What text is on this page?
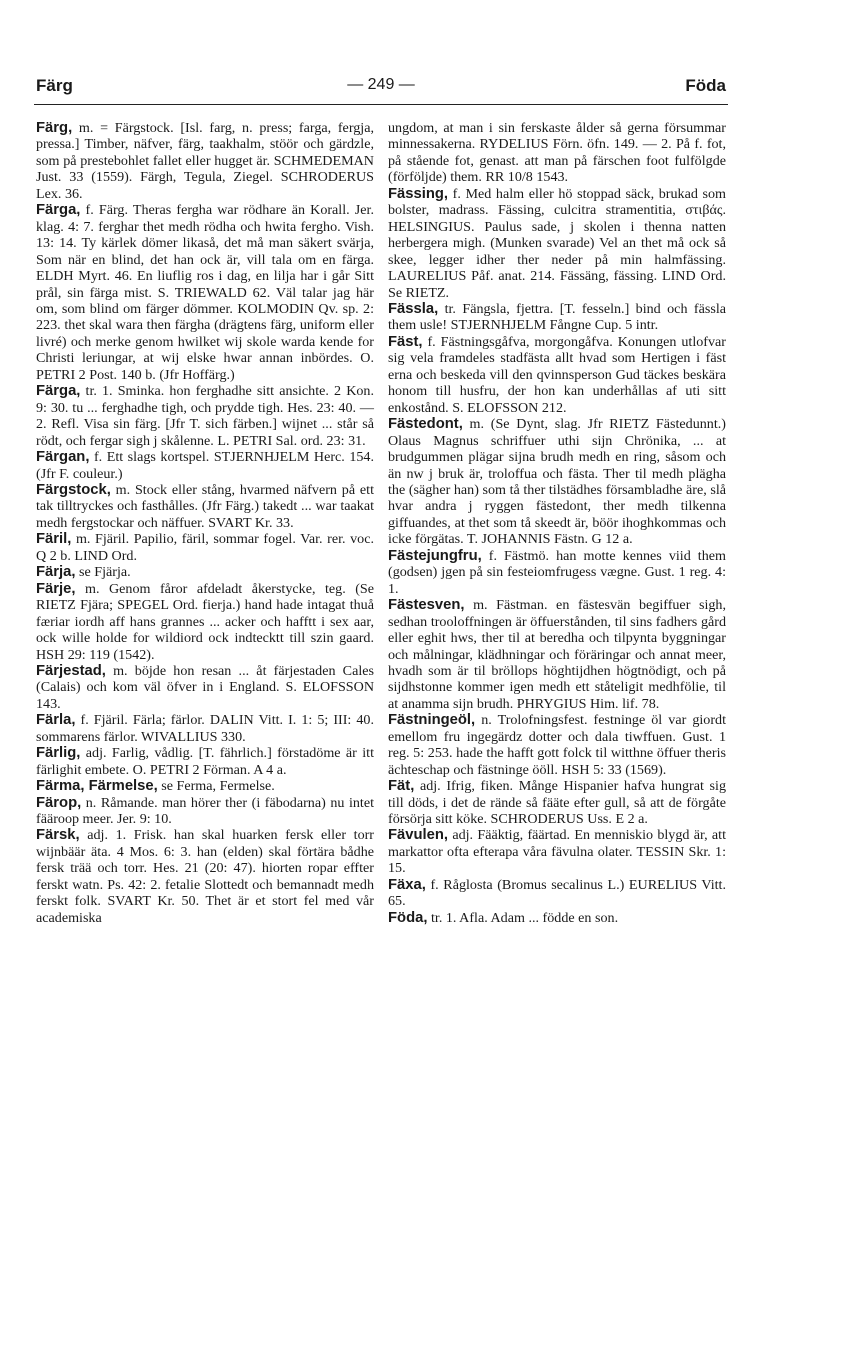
Färg	— 249 —	Föda

Färg, m. = Färgstock. [Isl. farg, n. press; farga, fergja, pressa.] Timber, näfver, färg, taakhalm, stöör och gärdzle, som på prestebohlet fallet eller hugget är. SCHMEDEMAN Just. 33 (1559). Färgh, Tegula, Ziegel. SCHRODERUS Lex. 36.

Färga, f. Färg. Theras fergha war rödhare än Korall. Jer. klag. 4: 7. ferghar thet medh rödha och hwita fergho. Vish. 13: 14. Ty kärlek dömer likaså, det må man säkert svärja, Som när en blind, det han ock är, vill tala om en färga. ELDH Myrt. 46. En liuflig ros i dag, en lilja har i går Sitt prål, sin färga mist. S. TRIEWALD 62. Väl talar jag här om, som blind om färger dömmer. KOLMODIN Qv. sp. 2: 223. thet skal wara then färgha (drägtens färg, uniform eller livré) och merke genom hwilket wij skole warda kende for Christi leriungar, at wij elske hwar annan inbördes. O. PETRI 2 Post. 140 b. (Jfr Hoffärg.)

Färga, tr. 1. Sminka. hon ferghadhe sitt ansichte. 2 Kon. 9: 30. tu ... ferghadhe tigh, och prydde tigh. Hes. 23: 40. — 2. Refl. Visa sin färg. [Jfr T. sich färben.] wijnet ... står så rödt, och fergar sigh j skålenne. L. PETRI Sal. ord. 23: 31.

Färgan, f. Ett slags kortspel. STJERNHJELM Herc. 154. (Jfr F. couleur.)

Färgstock, m. Stock eller stång, hvarmed näfvern på ett tak tilltryckes och fasthålles. (Jfr Färg.) takedt ... war taakat medh fergstockar och näffuer. SVART Kr. 33.

Färil, m. Fjäril. Papilio, färil, sommar fogel. Var. rer. voc. Q 2 b. LIND Ord.

Färja, se Fjärja.

Färje, m. Genom fåror afdeladt åkerstycke, teg. (Se RIETZ Fjära; SPEGEL Ord. fierja.) hand hade intagat thuå færiar iordh aff hans grannes ... acker och hafftt i sex aar, ock wille holde for wildiord ock indtecktt till szin gaard. HSH 29: 119 (1542).

Färjestad, m. böjde hon resan ... åt färjestaden Cales (Calais) och kom väl öfver in i England. S. ELOFSSON 143.

Färla, f. Fjäril. Färla; färlor. DALIN Vitt. I. 1: 5; III: 40. sommarens färlor. WIVALLIUS 330.

Färlig, adj. Farlig, vådlig. [T. fährlich.] förstadöme är itt färlighit embete. O. PETRI 2 Förman. A 4 a.

Färma, Färmelse, se Ferma, Fermelse.

Färop, n. Råmande. man hörer ther (i fäbodarna) nu intet fääroop meer. Jer. 9: 10.

Färsk, adj. 1. Frisk. han skal huarken fersk eller torr wijnbäär äta. 4 Mos. 6: 3. han (elden) skal förtära bådhe fersk trää och torr. Hes. 21 (20: 47). hiorten ropar effter ferskt watn. Ps. 42: 2. fetalie Slottedt och bemannadt medh ferskt folk. SVART Kr. 50. Thet är et stort fel med vår academiska

ungdom, at man i sin ferskaste ålder så gerna försummar minnessakerna. RYDELIUS Förn. öfn. 149. — 2. På f. fot, på stående fot, genast. att man på färschen foot fulfölgde (förföljde) them. RR 10/8 1543.

Fässing, f. Med halm eller hö stoppad säck, brukad som bolster, madrass. Fässing, culcitra stramentitia, στιβάς. HELSINGIUS. Paulus sade, j skolen i thenna natten herbergera migh. (Munken svarade) Vel an thet må ock så skee, legger idher ther neder på min halmfässing. LAURELIUS Påf. anat. 214. Fässäng, fässing. LIND Ord. Se RIETZ.

Fässla, tr. Fängsla, fjettra. [T. fesseln.] bind och fässla them usle! STJERNHJELM Fångne Cup. 5 intr.

Fäst, f. Fästningsgåfva, morgongåfva. Konungen utlofvar sig vela framdeles stadfästa allt hvad som Hertigen i fäst erna och beskeda vill den qvinnsperson Gud täckes beskära honom till husfru, der hon kan underhållas af uti sitt enkostånd. S. ELOFSSON 212.

Fästedont, m. (Se Dynt, slag. Jfr RIETZ Fästedunnt.) Olaus Magnus schriffuer uthi sijn Chrönika, ... at brudgummen plägar sijna brudh medh en ring, såsom och än nw j bruk är, troloffua och fästa. Ther til medh plägha the (sägher han) som tå ther tilstädhes försambladhe äre, slå hvar andra j ryggen fästedont, ther medh tilkenna giffuandes, at thet som tå skeedt är, böör ihoghkommas och icke förgätas. T. JOHANNIS Fästn. G 12 a.

Fästejungfru, f. Fästmö. han motte kennes viid them (godsen) jgen på sin festeiomfrugess vægne. Gust. 1 reg. 4: 1.

Fästesven, m. Fästman. en fästesvän begiffuer sigh, sedhan trooloffningen är öffuerstånden, til sins fadhers gård eller eghit hws, ther til at beredha och tilpynta byggningar och målningar, klädhningar och föräringar och annat meer, hvadh som är til bröllops höghtijdhen högtnödigt, och på sijdhstonne kommer igen medh ett ståteligit medhfölie, til at anamma sijn brudh. PHRYGIUS Him. lif. 78.

Fästningeöl, n. Trolofningsfest. festninge öl var giordt emellom fru ingegärdz dotter och dala tiwffuen. Gust. 1 reg. 5: 253. hade the hafft gott folck til witthne öffuer theris ächteschap och fästninge ööll. HSH 5: 33 (1569).

Fät, adj. Ifrig, fiken. Månge Hispanier hafva hungrat sig till döds, i det de rände så fääte efter gull, så att de förgåte försörja sitt köke. SCHRODERUS Uss. E 2 a.

Fävulen, adj. Fääktig, fäärtad. En menniskio blygd är, att markattor ofta efterapa våra fävulna olater. TESSIN Skr. 1: 15.

Fäxa, f. Råglosta (Bromus secalinus L.) EURELIUS Vitt. 65.

Föda, tr. 1. Afla. Adam ... födde en son.
